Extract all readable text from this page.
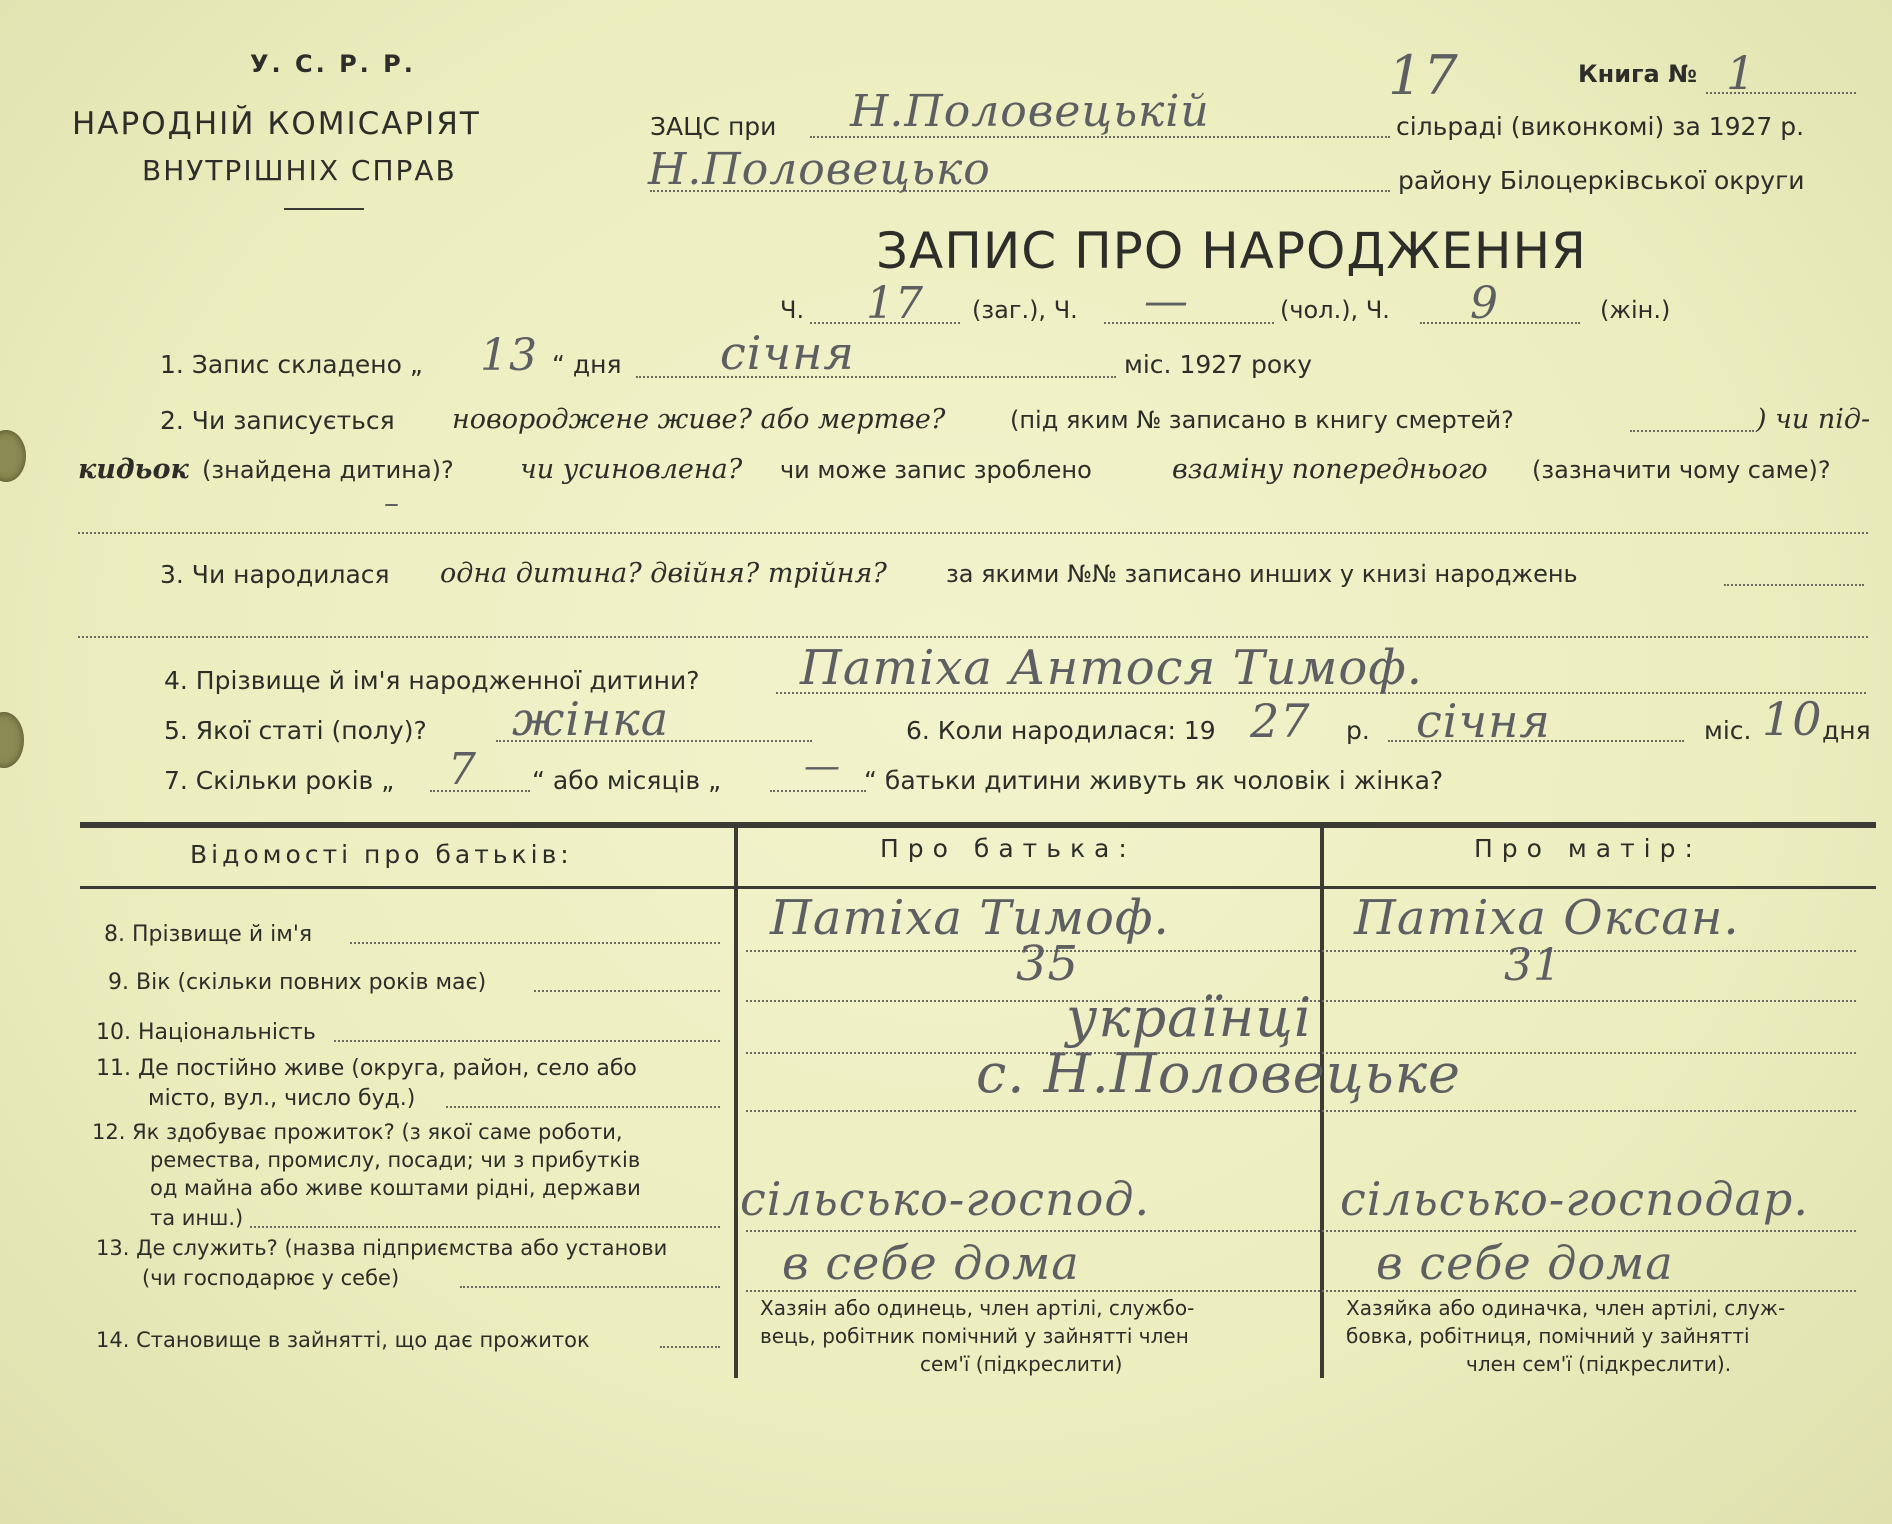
У. С. Р. Р.
НАРОДНІЙ КОМІСАРІЯТ
ВНУТРІШНІХ СПРАВ
17	Книга № 1
ЗАЦС при Н.Половецькій	сільраді (виконкомі) за 1927 р.
Н.Половецько	району Білоцерківської округи
ЗАПИС ПРО НАРОДЖЕННЯ
Ч. 17 (заг.), Ч. —	(чол.), Ч. 9	(жін.)
1. Запис складено „ 13 “ дня січня	міс. 1927 року
2. Чи записується новороджене живе? або мертве?	(під яким № записано в книгу смертей?	) чи під-
кидьок (знайдена дитина)? чи усиновлена? чи може запис зроблено	взаміну попереднього (зазначити чому саме)?
–
3. Чи народилася одна дитина? двійня? трійня? за якими №№ записано инших у книзі народжень
4. Прізвище й ім'я народженної дитини? Патіха Антося Тимоф.
5. Якої статі (полу)? жінка	6. Коли народилася: 19 27 р. січня	міс. 10 дня
7. Скільки років „ 7 “ або місяців „ — “ батьки дитини живуть як чоловік і жінка?
Відомості про батьків:	Про батька:	Про матір:
8. Прізвище й ім'я	Патіха Тимоф.	Патіха Оксан.
9. Вік (скільки повних років має)	35	31
10. Національність	українці
11. Де постійно живе (округа, район, село або
місто, вул., число буд.)	с. Н.Половецьке
12. Як здобуває прожиток? (з якої саме роботи,
ремества, промислу, посади; чи з прибутків
од майна або живе коштами рідні, держави
та инш.)	сільсько-господ.	сільсько-господар.
13. Де служить? (назва підприємства або установи
(чи господарює у себе)	в себе дома	в себе дома
14. Становище в зайнятті, що дає прожиток
Хазяін або одинець, член артілі, службо-
вець, робітник помічний у зайнятті член
сем'ї (підкреслити)
Хазяйка або одиначка, член артілі, служ-
бовка, робітниця, помічний у зайнятті
член сем'ї (підкреслити).
